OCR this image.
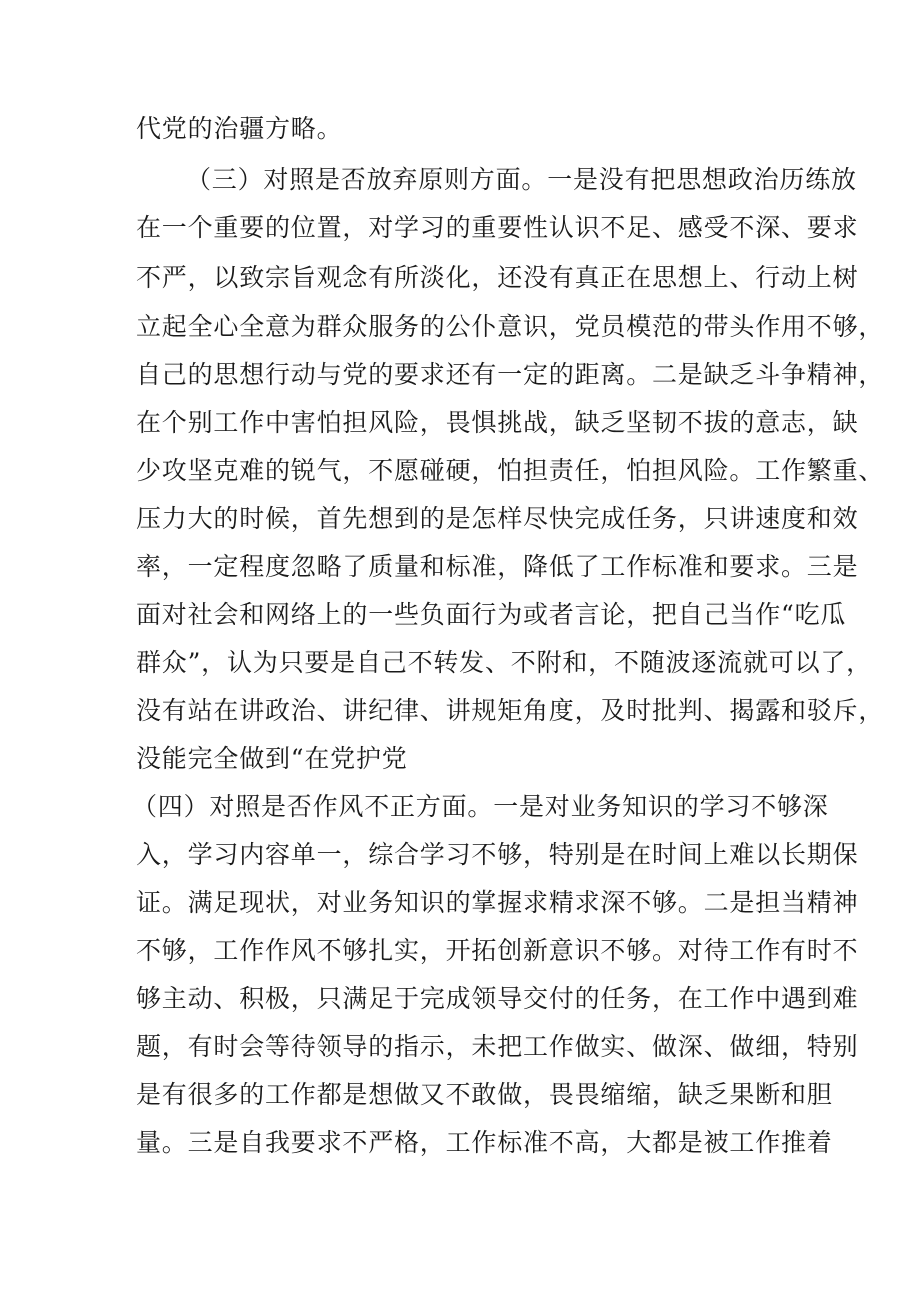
代党的治疆方略。
（三）对照是否放弃原则方面。一是没有把思想政治历练放
在一个重要的位置，对学习的重要性认识不足、感受不深、要求
不严，以致宗旨观念有所淡化，还没有真正在思想上、行动上树
立起全心全意为群众服务的公仆意识，党员模范的带头作用不够，
自己的思想行动与党的要求还有一定的距离。二是缺乏斗争精神，
在个别工作中害怕担风险，畏惧挑战，缺乏坚韧不拔的意志，缺
少攻坚克难的锐气，不愿碰硬，怕担责任，怕担风险。工作繁重、
压力大的时候，首先想到的是怎样尽快完成任务，只讲速度和效
率，一定程度忽略了质量和标准，降低了工作标准和要求。三是
面对社会和网络上的一些负面行为或者言论，把自己当作“吃瓜
群众”，认为只要是自己不转发、不附和，不随波逐流就可以了，
没有站在讲政治、讲纪律、讲规矩角度，及时批判、揭露和驳斥，
没能完全做到“在党护党
（四）对照是否作风不正方面。一是对业务知识的学习不够深
入，学习内容单一，综合学习不够，特别是在时间上难以长期保
证。满足现状，对业务知识的掌握求精求深不够。二是担当精神
不够，工作作风不够扎实，开拓创新意识不够。对待工作有时不
够主动、积极，只满足于完成领导交付的任务，在工作中遇到难
题，有时会等待领导的指示，未把工作做实、做深、做细，特别
是有很多的工作都是想做又不敢做，畏畏缩缩，缺乏果断和胆
量。三是自我要求不严格，工作标准不高，大都是被工作推着
